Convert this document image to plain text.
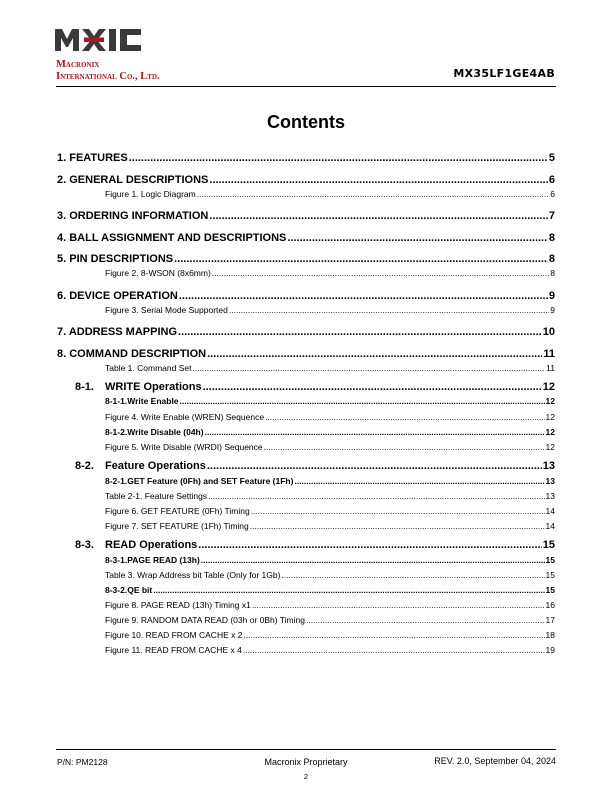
Macronix
International Co., Ltd.	MX35LF1GE4AB
Contents
1. FEATURES .....	5
2. GENERAL DESCRIPTIONS .....	6
Figure 1. Logic Diagram .....	6
3. ORDERING INFORMATION .....	7
4. BALL ASSIGNMENT AND DESCRIPTIONS .....	8
5. PIN DESCRIPTIONS .....	8
Figure 2. 8-WSON (8x6mm) .....	8
6. DEVICE OPERATION .....	9
Figure 3. Serial Mode Supported .....	9
7. ADDRESS MAPPING .....	10
8. COMMAND DESCRIPTION .....	11
Table 1. Command Set .....	11
8-1. WRITE Operations .....	12
8-1-1.Write Enable .....	12
Figure 4. Write Enable (WREN) Sequence .....	12
8-1-2.Write Disable (04h) .....	12
Figure 5. Write Disable (WRDI) Sequence .....	12
8-2. Feature Operations .....	13
8-2-1.GET Feature (0Fh) and SET Feature (1Fh) .....	13
Table 2-1. Feature Settings .....	13
Figure 6. GET FEATURE (0Fh) Timing .....	14
Figure 7. SET FEATURE (1Fh) Timing .....	14
8-3. READ Operations .....	15
8-3-1.PAGE READ (13h) .....	15
Table 3. Wrap Address bit Table (Only for 1Gb) .....	15
8-3-2.QE bit .....	15
Figure 8. PAGE READ (13h) Timing x1 .....	16
Figure 9. RANDOM DATA READ (03h or 0Bh) Timing .....	17
Figure 10. READ FROM CACHE x 2 .....	18
Figure 11. READ FROM CACHE x 4 .....	19
P/N: PM2128	Macronix Proprietary	REV. 2.0, September 04, 2024
2
